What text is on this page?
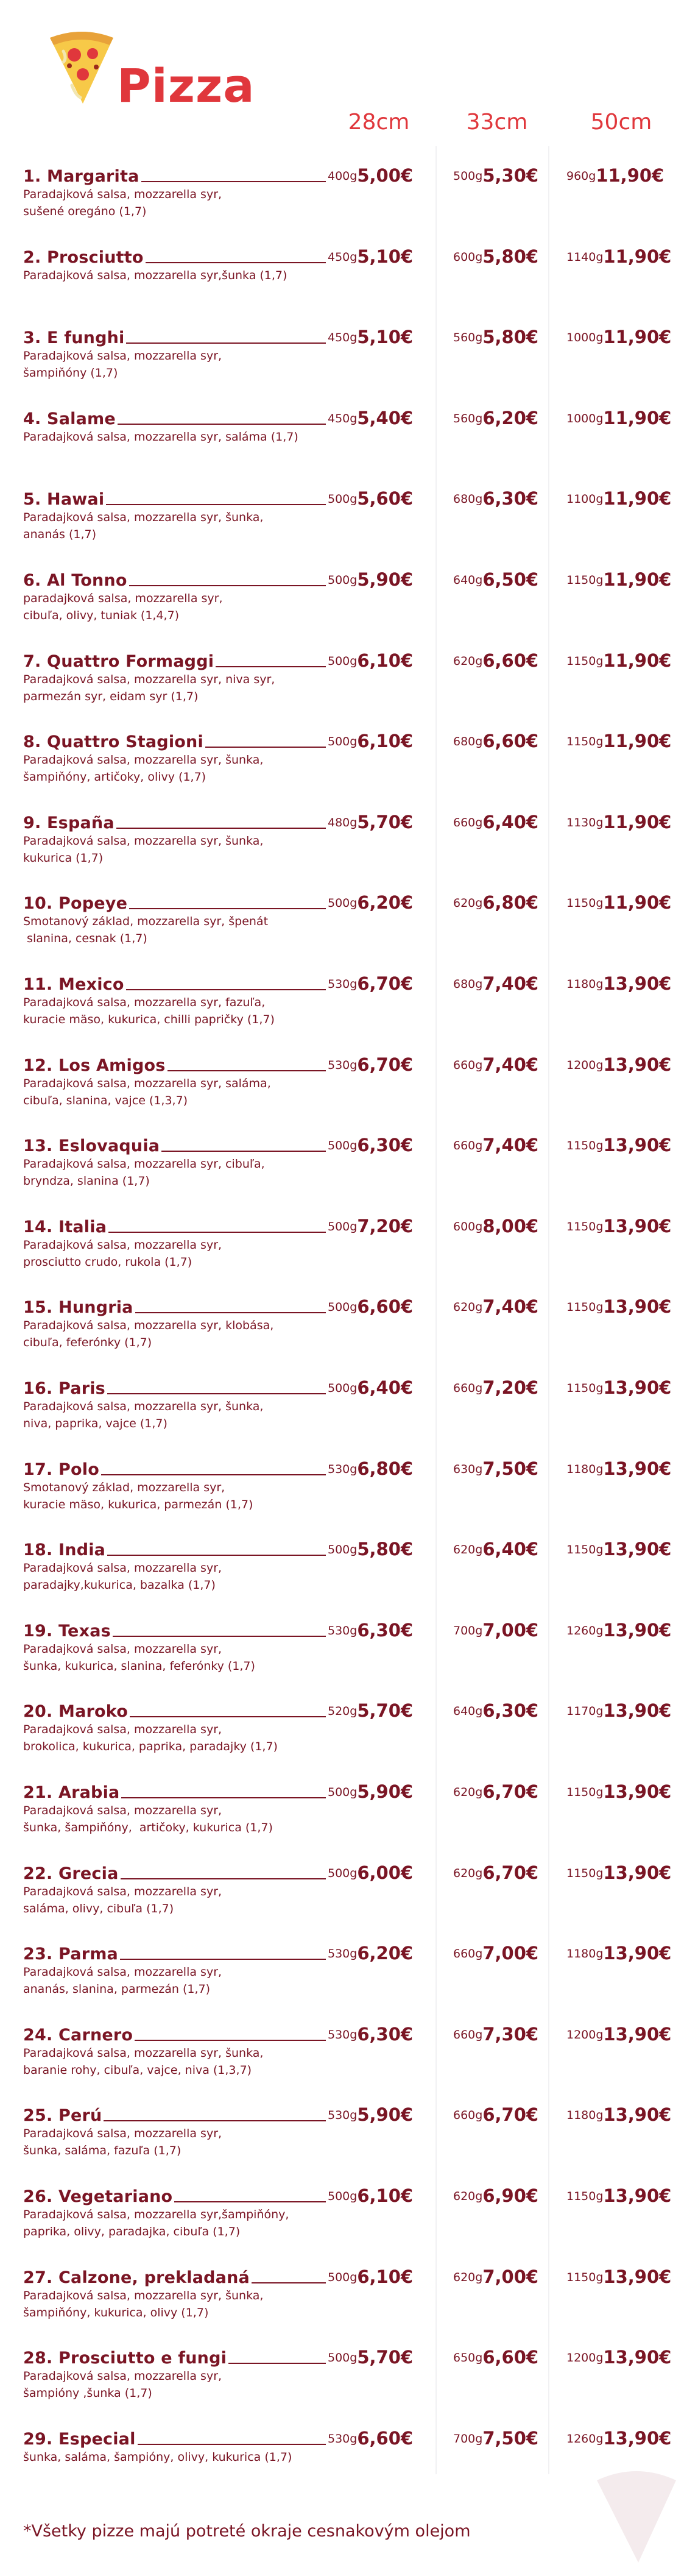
Pizza
28cm	33cm	50cm
1. Margarita
Paradajková salsa, mozzarella syr,
sušené oregáno (1,7)
400g 5,00€	500g 5,30€ 960g 11,90€
2. Prosciutto
Paradajková salsa, mozzarella syr,šunka (1,7)
450g 5,10€	600g 5,80€ 1140g 11,90€
3. E funghi
Paradajková salsa, mozzarella syr,
šampiňóny (1,7)
450g 5,10€	560g 5,80€ 1000g 11,90€
4. Salame
Paradajková salsa, mozzarella syr, saláma (1,7)
450g 5,40€	560g 6,20€ 1000g 11,90€
5. Hawai
Paradajková salsa, mozzarella syr, šunka,
ananás (1,7)
500g 5,60€	680g 6,30€ 1100g 11,90€
6. Al Tonno
paradajková salsa, mozzarella syr,
cibuľa, olivy, tuniak (1,4,7)
500g 5,90€	640g 6,50€ 1150g 11,90€
7. Quattro Formaggi
Paradajková salsa, mozzarella syr, niva syr,
parmezán syr, eidam syr (1,7)
500g 6,10€	620g 6,60€ 1150g 11,90€
8. Quattro Stagioni
Paradajková salsa, mozzarella syr, šunka,
šampiňóny, artičoky, olivy (1,7)
500g 6,10€	680g 6,60€ 1150g 11,90€
9. España
Paradajková salsa, mozzarella syr, šunka,
kukurica (1,7)
480g 5,70€	660g 6,40€ 1130g 11,90€
10. Popeye
Smotanový základ, mozzarella syr, špenát
slanina, cesnak (1,7)
500g 6,20€	620g 6,80€ 1150g 11,90€
11. Mexico
Paradajková salsa, mozzarella syr, fazuľa,
kuracie mäso, kukurica, chilli papričky (1,7)
530g 6,70€	680g 7,40€ 1180g 13,90€
12. Los Amigos
Paradajková salsa, mozzarella syr, saláma,
cibuľa, slanina, vajce (1,3,7)
530g 6,70€	660g 7,40€ 1200g 13,90€
13. Eslovaquia
Paradajková salsa, mozzarella syr, cibuľa,
bryndza, slanina (1,7)
500g 6,30€	660g 7,40€ 1150g 13,90€
14. Italia
Paradajková salsa, mozzarella syr,
prosciutto crudo, rukola (1,7)
500g 7,20€	600g 8,00€ 1150g 13,90€
15. Hungria
Paradajková salsa, mozzarella syr, klobása,
cibuľa, feferónky (1,7)
500g 6,60€	620g 7,40€ 1150g 13,90€
16. Paris
Paradajková salsa, mozzarella syr, šunka,
niva, paprika, vajce (1,7)
500g 6,40€	660g 7,20€ 1150g 13,90€
17. Polo
Smotanový základ, mozzarella syr,
kuracie mäso, kukurica, parmezán (1,7)
530g 6,80€	630g 7,50€ 1180g 13,90€
18. India
Paradajková salsa, mozzarella syr,
paradajky,kukurica, bazalka (1,7)
500g 5,80€	620g 6,40€ 1150g 13,90€
19. Texas
Paradajková salsa, mozzarella syr,
šunka, kukurica, slanina, feferónky (1,7)
530g 6,30€	700g 7,00€ 1260g 13,90€
20. Maroko
Paradajková salsa, mozzarella syr,
brokolica, kukurica, paprika, paradajky (1,7)
520g 5,70€	640g 6,30€ 1170g 13,90€
21. Arabia
Paradajková salsa, mozzarella syr,
šunka, šampiňóny,  artičoky, kukurica (1,7)
500g 5,90€	620g 6,70€ 1150g 13,90€
22. Grecia
Paradajková salsa, mozzarella syr,
saláma, olivy, cibuľa (1,7)
500g 6,00€	620g 6,70€ 1150g 13,90€
23. Parma
Paradajková salsa, mozzarella syr,
ananás, slanina, parmezán (1,7)
530g 6,20€	660g 7,00€ 1180g 13,90€
24. Carnero
Paradajková salsa, mozzarella syr, šunka,
baranie rohy, cibuľa, vajce, niva (1,3,7)
530g 6,30€	660g 7,30€ 1200g 13,90€
25. Perú
Paradajková salsa, mozzarella syr,
šunka, saláma, fazuľa (1,7)
530g 5,90€	660g 6,70€ 1180g 13,90€
26. Vegetariano
Paradajková salsa, mozzarella syr,šampiňóny,
paprika, olivy, paradajka, cibuľa (1,7)
500g 6,10€	620g 6,90€ 1150g 13,90€
27. Calzone, prekladaná
Paradajková salsa, mozzarella syr, šunka,
šampiňóny, kukurica, olivy (1,7)
500g 6,10€	620g 7,00€ 1150g 13,90€
28. Prosciutto e fungi
Paradajková salsa, mozzarella syr,
šampióny ,šunka (1,7)
500g 5,70€	650g 6,60€ 1200g 13,90€
29. Especial
šunka, saláma, šampióny, olivy, kukurica (1,7)
530g 6,60€	700g 7,50€ 1260g 13,90€
*Všetky pizze majú potreté okraje cesnakovým olejom
